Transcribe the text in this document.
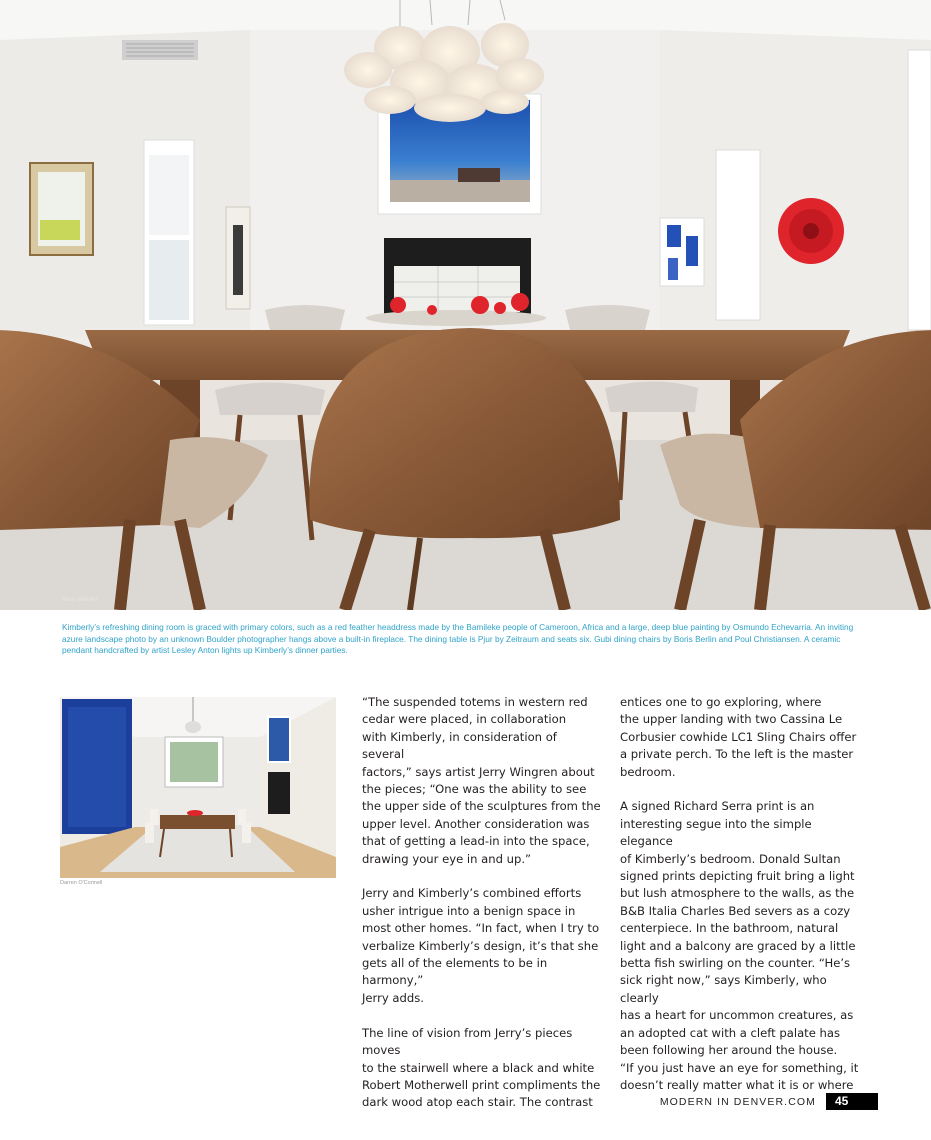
Paul Winner
Kimberly’s refreshing dining room is graced with primary colors, such as a red feather headdress made by the Bamileke people of Cameroon, Africa and a large, deep blue painting by Osmundo Echevarria. An inviting azure landscape photo by an unknown Boulder photographer hangs above a built-in fireplace. The dining table is Pjur by Zeitraum and seats six. Gubi dining chairs by Boris Berlin and Poul Christiansen. A ceramic pendant handcrafted by artist Lesley Anton lights up Kimberly’s dinner parties.
Darren O'Connell

“The suspended totems in western red
cedar were placed, in collaboration
with Kimberly, in consideration of several
factors,” says artist Jerry Wingren about
the pieces; “One was the ability to see
the upper side of the sculptures from the
upper level. Another consideration was
that of getting a lead-in into the space,
drawing your eye in and up.”

Jerry and Kimberly’s combined efforts
usher intrigue into a benign space in
most other homes. “In fact, when I try to
verbalize Kimberly’s design, it’s that she
gets all of the elements to be in harmony,”
Jerry adds.

The line of vision from Jerry’s pieces moves
to the stairwell where a black and white
Robert Motherwell print compliments the
dark wood atop each stair. The contrast

entices one to go exploring, where
the upper landing with two Cassina Le
Corbusier cowhide LC1 Sling Chairs offer
a private perch. To the left is the master
bedroom.

A signed Richard Serra print is an
interesting segue into the simple elegance
of Kimberly’s bedroom. Donald Sultan
signed prints depicting fruit bring a light
but lush atmosphere to the walls, as the
B&B Italia Charles Bed severs as a cozy
centerpiece. In the bathroom, natural
light and a balcony are graced by a little
betta fish swirling on the counter. “He’s
sick right now,” says Kimberly, who clearly
has a heart for uncommon creatures, as
an adopted cat with a cleft palate has
been following her around the house.
“If you just have an eye for something, it
doesn’t really matter what it is or where

MODERN IN DENVER.COM	45
